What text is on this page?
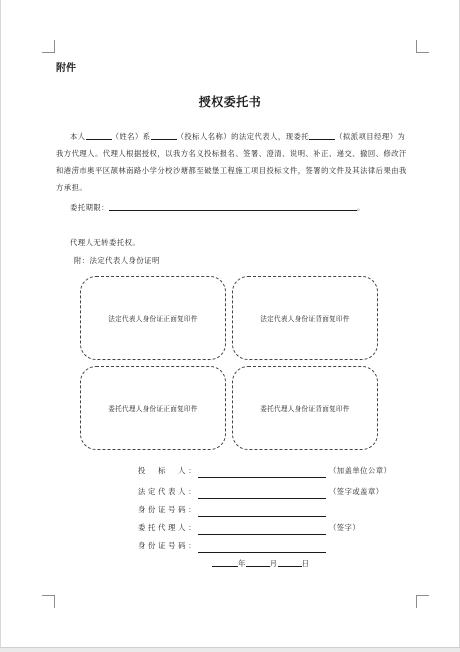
附件
授权委托书
本人	（姓名）系	（投标人名称）的法定代表人，现委托	（拟派项目经理）为我方代理人。代理人根据授权，以我方名义投标报名、签署、澄清、说明、补正、递交、撤回、修改汗和港涝市奥平区颉林南路小学分校沙塘都至破堡工程施工项目投标文件，签署的文件及其法律后果由我方承担。
委托期限：	。
代理人无转委托权。
附：法定代表人身份证明
法定代表人身份证正面复印件	法定代表人身份证背面复印件
委托代理人身份证正面复印件	委托代理人身份证背面复印件
投　标　人：	（加盖单位公章）
法定代表人：	（签字或盖章）
身份证号码：
委托代理人：	（签字）
身份证号码：
年	月	日
